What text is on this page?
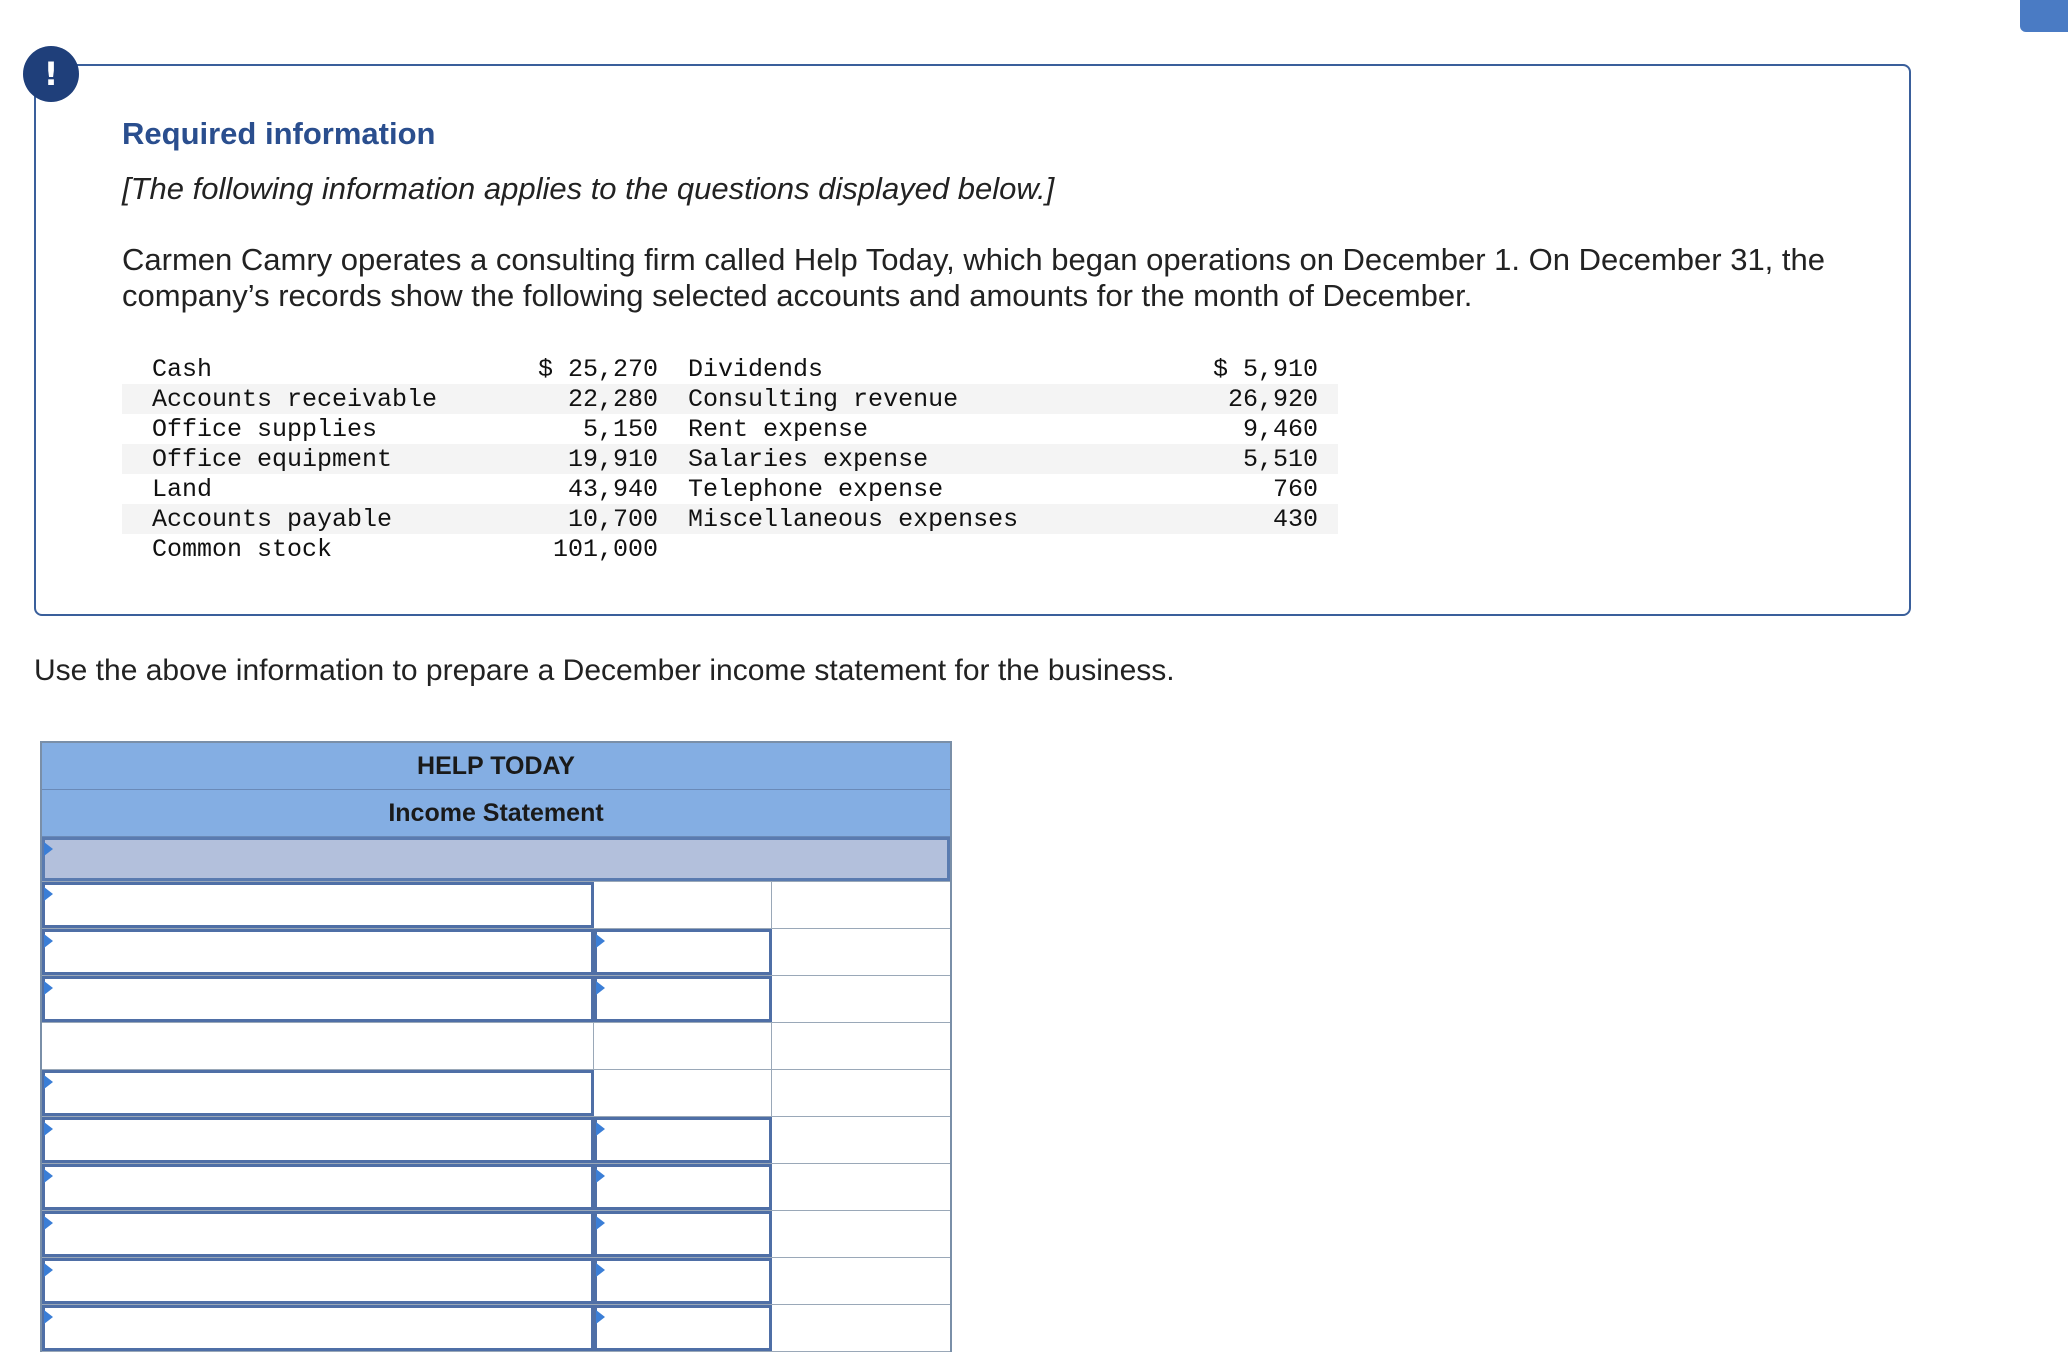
!
Required information

[The following information applies to the questions displayed below.]

Carmen Camry operates a consulting firm called Help Today, which began operations on December 1. On December 31, the company’s records show the following selected accounts and amounts for the month of December.

Cash	$ 25,270	Dividends	$ 5,910
Accounts receivable	22,280	Consulting revenue	26,920
Office supplies	5,150	Rent expense	9,460
Office equipment	19,910	Salaries expense	5,510
Land	43,940	Telephone expense	760
Accounts payable	10,700	Miscellaneous expenses	430
Common stock	101,000		

Use the above information to prepare a December income statement for the business.

HELP TODAY
Income Statement
